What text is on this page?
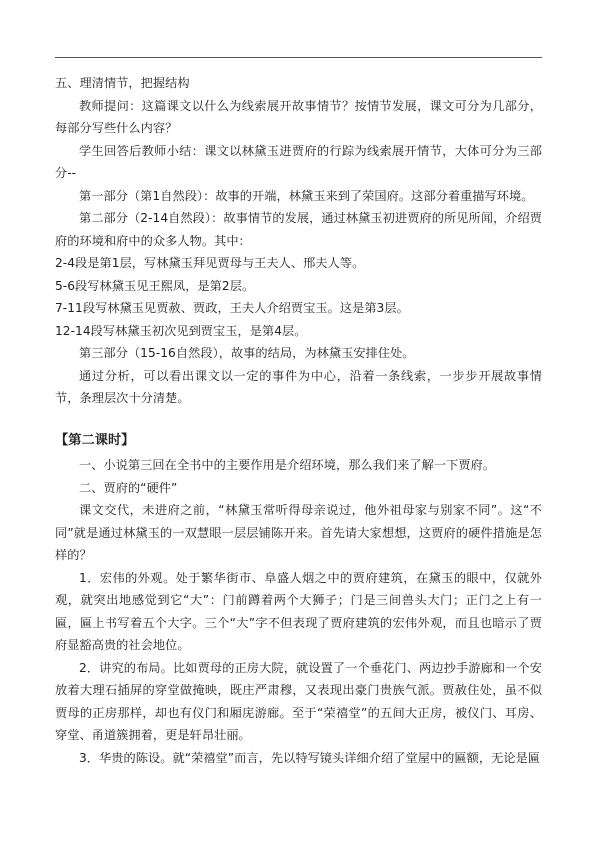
五、理清情节，把握结构

教师提问：这篇课文以什么为线索展开故事情节？按情节发展，课文可分为几部分，每部分写些什么内容？

学生回答后教师小结：课文以林黛玉进贾府的行踪为线索展开情节，大体可分为三部分--

第一部分（第1自然段）：故事的开端，林黛玉来到了荣国府。这部分着重描写环境。

第二部分（2-14自然段）：故事情节的发展，通过林黛玉初进贾府的所见所闻，介绍贾府的环境和府中的众多人物。其中：

2-4段是第1层，写林黛玉拜见贾母与王夫人、邢夫人等。

5-6段写林黛玉见王熙凤，是第2层。

7-11段写林黛玉见贾赦、贾政，王夫人介绍贾宝玉。这是第3层。

12-14段写林黛玉初次见到贾宝玉，是第4层。

第三部分（15-16自然段），故事的结局，为林黛玉安排住处。

通过分析，可以看出课文以一定的事件为中心，沿着一条线索，一步步开展故事情节，条理层次十分清楚。

【第二课时】

一、小说第三回在全书中的主要作用是介绍环境，那么我们来了解一下贾府。

二、贾府的“硬件”

课文交代，未进府之前，“林黛玉常听得母亲说过，他外祖母家与别家不同”。这“不同”就是通过林黛玉的一双慧眼一层层铺陈开来。首先请大家想想，这贾府的硬件措施是怎样的？

1．宏伟的外观。处于繁华街市、阜盛人烟之中的贾府建筑，在黛玉的眼中，仅就外观，就突出地感觉到它“大”：门前蹲着两个大狮子；门是三间兽头大门；正门之上有一匾，匾上书写着五个大字。三个“大”字不但表现了贾府建筑的宏伟外观，而且也暗示了贾府显豁高贵的社会地位。

2．讲究的布局。比如贾母的正房大院，就设置了一个垂花门、两边抄手游廊和一个安放着大理石插屏的穿堂做掩映，既庄严肃穆，又表现出豪门贵族气派。贾赦住处，虽不似贾母的正房那样，却也有仪门和厢庑游廊。至于“荣禧堂”的五间大正房，被仪门、耳房、穿堂、甬道簇拥着，更是轩昂壮丽。

3．华贵的陈设。就“荣禧堂”而言，先以特写镜头详细介绍了堂屋中的匾额，无论是匾
